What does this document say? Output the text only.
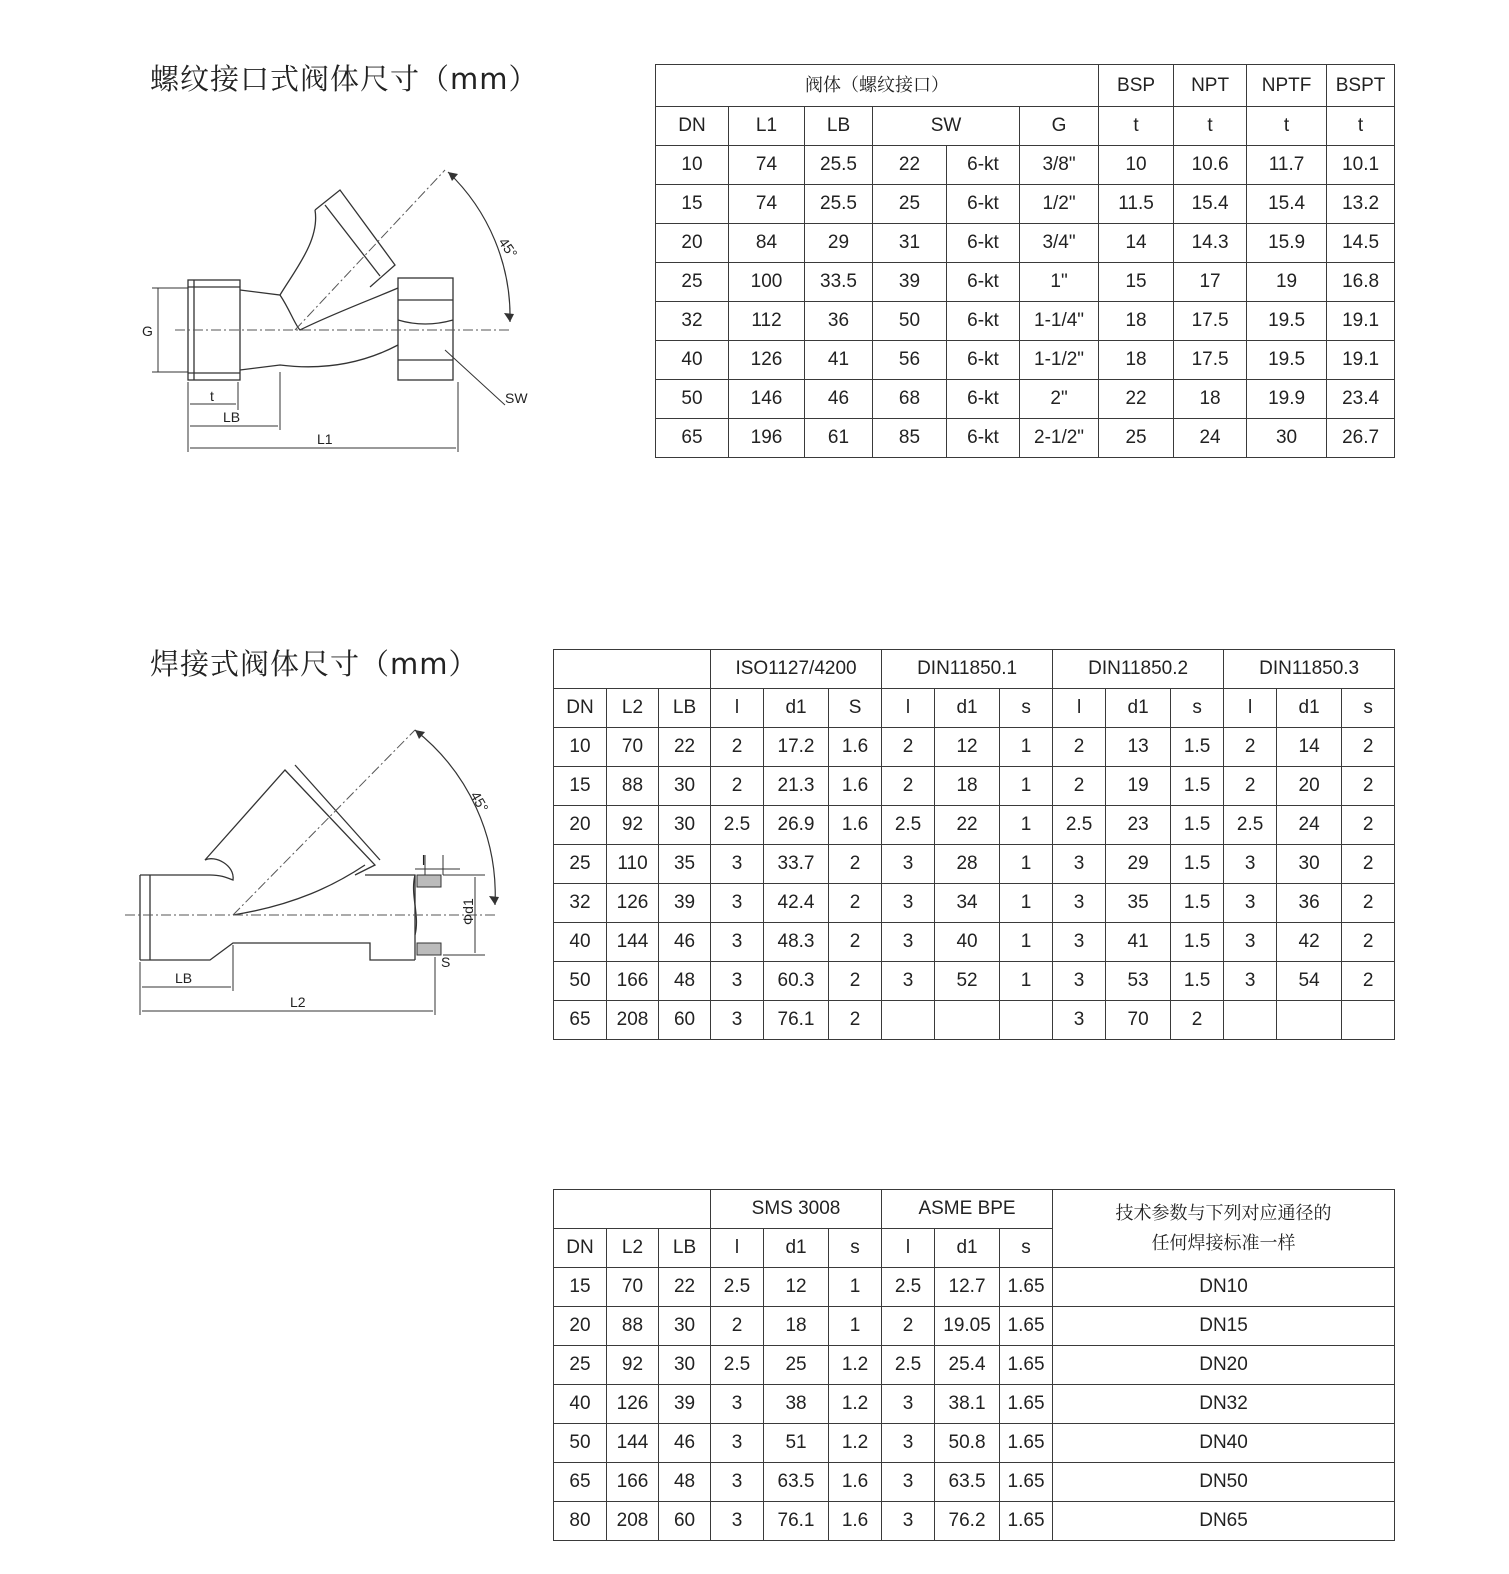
螺纹接口式阀体尺寸（mm）
45°
G
t
LB
L1
SW
阀体（螺纹接口）						BSP	NPT	NPTF	BSPT
DN	L1	LB	SW		G	t	t	t	t
10	74	25.5	22	6-kt	3/8"	10	10.6	11.7	10.1
15	74	25.5	25	6-kt	1/2"	11.5	15.4	15.4	13.2
20	84	29	31	6-kt	3/4"	14	14.3	15.9	14.5
25	100	33.5	39	6-kt	1"	15	17	19	16.8
32	112	36	50	6-kt	1-1/4"	18	17.5	19.5	19.1
40	126	41	56	6-kt	1-1/2"	18	17.5	19.5	19.1
50	146	46	68	6-kt	2"	22	18	19.9	23.4
65	196	61	85	6-kt	2-1/2"	25	24	30	26.7
焊接式阀体尺寸（mm）
45°
l
Φd1
S
LB
L2
			ISO1127/4200			DIN11850.1			DIN11850.2			DIN11850.3		
DN	L2	LB	l	d1	S	l	d1	s	l	d1	s	l	d1	s
10	70	22	2	17.2	1.6	2	12	1	2	13	1.5	2	14	2
15	88	30	2	21.3	1.6	2	18	1	2	19	1.5	2	20	2
20	92	30	2.5	26.9	1.6	2.5	22	1	2.5	23	1.5	2.5	24	2
25	110	35	3	33.7	2	3	28	1	3	29	1.5	3	30	2
32	126	39	3	42.4	2	3	34	1	3	35	1.5	3	36	2
40	144	46	3	48.3	2	3	40	1	3	41	1.5	3	42	2
50	166	48	3	60.3	2	3	52	1	3	53	1.5	3	54	2
65	208	60	3	76.1	2				3	70	2			
			SMS 3008			ASME BPE			技术参数与下列对应通径的
任何焊接标准一样

DN	L2	LB	l	d1	s	l	d1	s	
15	70	22	2.5	12	1	2.5	12.7	1.65	DN10
20	88	30	2	18	1	2	19.05	1.65	DN15
25	92	30	2.5	25	1.2	2.5	25.4	1.65	DN20
40	126	39	3	38	1.2	3	38.1	1.65	DN32
50	144	46	3	51	1.2	3	50.8	1.65	DN40
65	166	48	3	63.5	1.6	3	63.5	1.65	DN50
80	208	60	3	76.1	1.6	3	76.2	1.65	DN65
